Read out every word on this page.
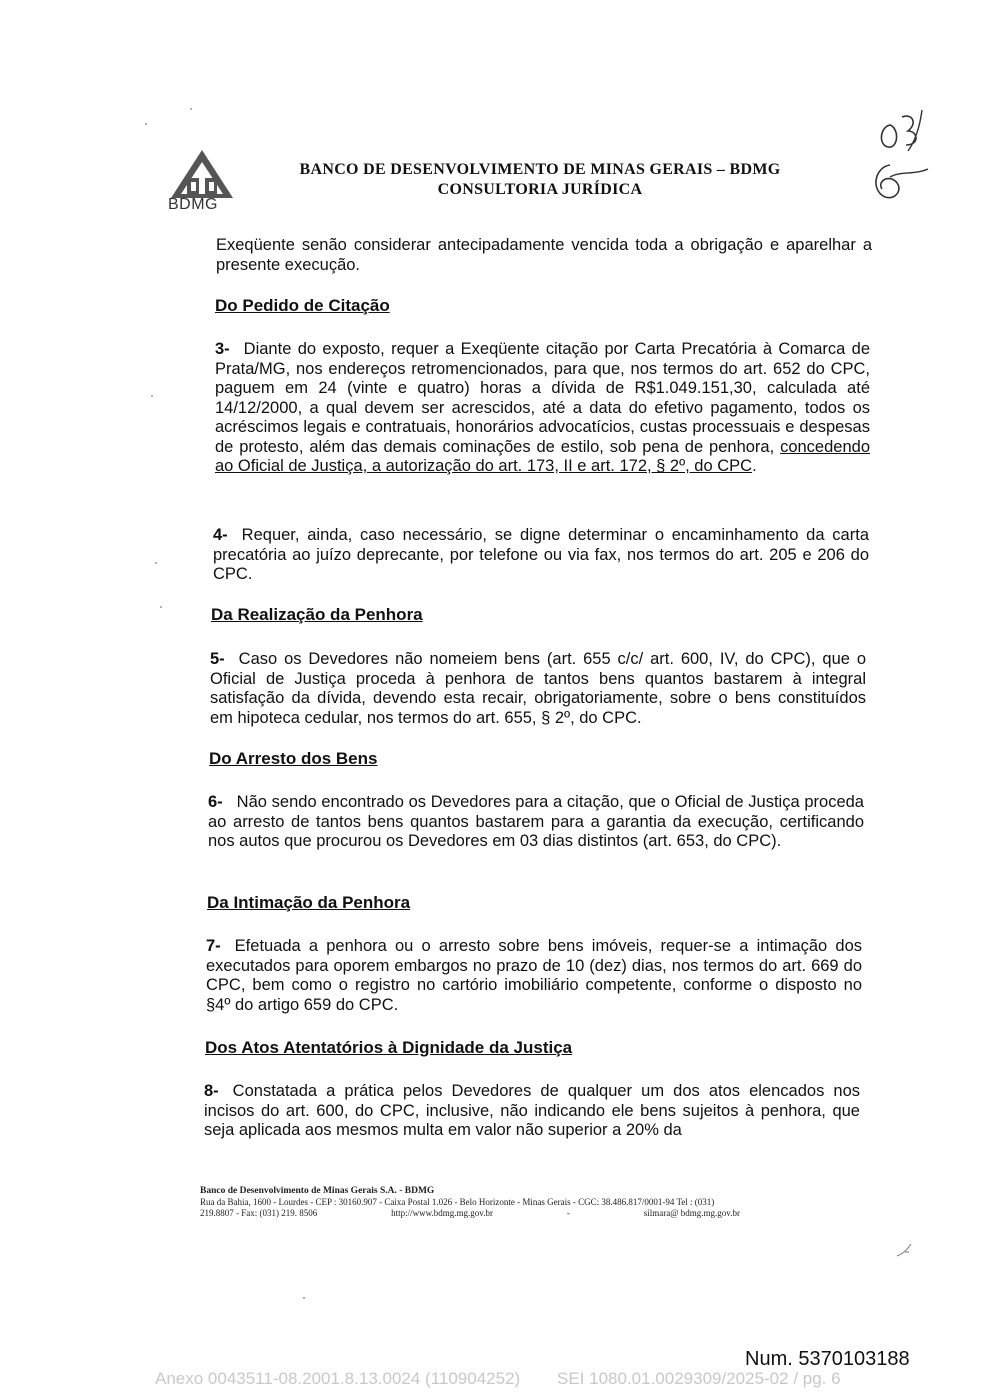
BDMG
BANCO DE DESENVOLVIMENTO DE MINAS GERAIS – BDMG
CONSULTORIA JURÍDICA

Exeqüente senão considerar antecipadamente vencida toda a obrigação e aparelhar a presente execução.

Do Pedido de Citação

3- Diante do exposto, requer a Exeqüente citação por Carta Precatória à Comarca de Prata/MG, nos endereços retromencionados, para que, nos termos do art. 652 do CPC, paguem em 24 (vinte e quatro) horas a dívida de R$1.049.151,30, calculada até 14/12/2000, a qual devem ser acrescidos, até a data do efetivo pagamento, todos os acréscimos legais e contratuais, honorários advocatícios, custas processuais e despesas de protesto, além das demais cominações de estilo, sob pena de penhora, concedendo ao Oficial de Justiça, a autorização do art. 173, II e art. 172, § 2º, do CPC.

4- Requer, ainda, caso necessário, se digne determinar o encaminhamento da carta precatória ao juízo deprecante, por telefone ou via fax, nos termos do art. 205 e 206 do CPC.

Da Realização da Penhora

5- Caso os Devedores não nomeiem bens (art. 655 c/c/ art. 600, IV, do CPC), que o Oficial de Justiça proceda à penhora de tantos bens quantos bastarem à integral satisfação da dívida, devendo esta recair, obrigatoriamente, sobre o bens constituídos em hipoteca cedular, nos termos do art. 655, § 2º, do CPC.

Do Arresto dos Bens

6- Não sendo encontrado os Devedores para a citação, que o Oficial de Justiça proceda ao arresto de tantos bens quantos bastarem para a garantia da execução, certificando nos autos que procurou os Devedores em 03 dias distintos (art. 653, do CPC).

Da Intimação da Penhora

7- Efetuada a penhora ou o arresto sobre bens imóveis, requer-se a intimação dos executados para oporem embargos no prazo de 10 (dez) dias, nos termos do art. 669 do CPC, bem como o registro no cartório imobiliário competente, conforme o disposto no §4º do artigo 659 do CPC.

Dos Atos Atentatórios à Dignidade da Justiça

8- Constatada a prática pelos Devedores de qualquer um dos atos elencados nos incisos do art. 600, do CPC, inclusive, não indicando ele bens sujeitos à penhora, que seja aplicada aos mesmos multa em valor não superior a 20% da

Banco de Desenvolvimento de Minas Gerais S.A. - BDMG
Rua da Bahia, 1600 - Lourdes - CEP : 30160.907 - Caixa Postal 1.026 - Belo Horizonte - Minas Gerais - CGC: 38.486.817/0001-94 Tel : (031)
219.8807 - Fax: (031) 219. 8506	http://www.bdmg.mg.gov.br	-	silmara@ bdmg.mg.gov.br
Num. 5370103188
Anexo 0043511-08.2001.8.13.0024 (110904252) SEI 1080.01.0029309/2025-02 / pg. 6
